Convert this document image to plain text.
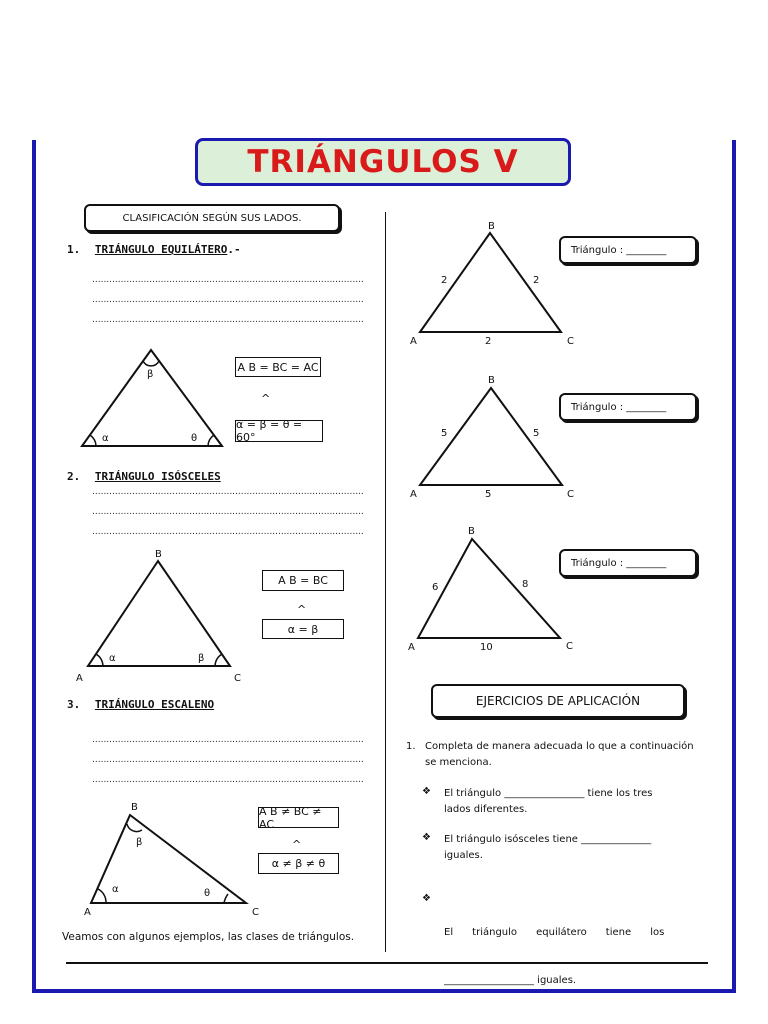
TRIÁNGULOS V
CLASIFICACIÓN SEGÚN SUS LADOS.
1. TRIÁNGULO EQUILÁTERO.-
...............................................................................................
...............................................................................................
...............................................................................................
β
α	θ
A B = BC = AC
^
α = β = θ = 60°
2. TRIÁNGULO ISÓSCELES
...............................................................................................
...............................................................................................
...............................................................................................
B
A	C
α	β
A B = BC
^
α = β
3. TRIÁNGULO ESCALENO
...............................................................................................
...............................................................................................
...............................................................................................
B
A	C
β
α	θ
A B ≠ BC ≠ AC
^
α ≠ β ≠ θ
Veamos con algunos ejemplos, las clases de triángulos.
B
A	C
2	2
2
Triángulo : ________
B
A	C
5	5
5
Triángulo : ________
B
A	C
6	8
10
Triángulo : ________
EJERCICIOS DE APLICACIÓN
1. Completa de manera adecuada lo que a continuación
se menciona.
❖ El triángulo ________________ tiene los tres
lados diferentes.
❖ El triángulo isósceles tiene ______________
iguales.
❖

El      triángulo      equilátero      tiene      los

__________________ iguales.
